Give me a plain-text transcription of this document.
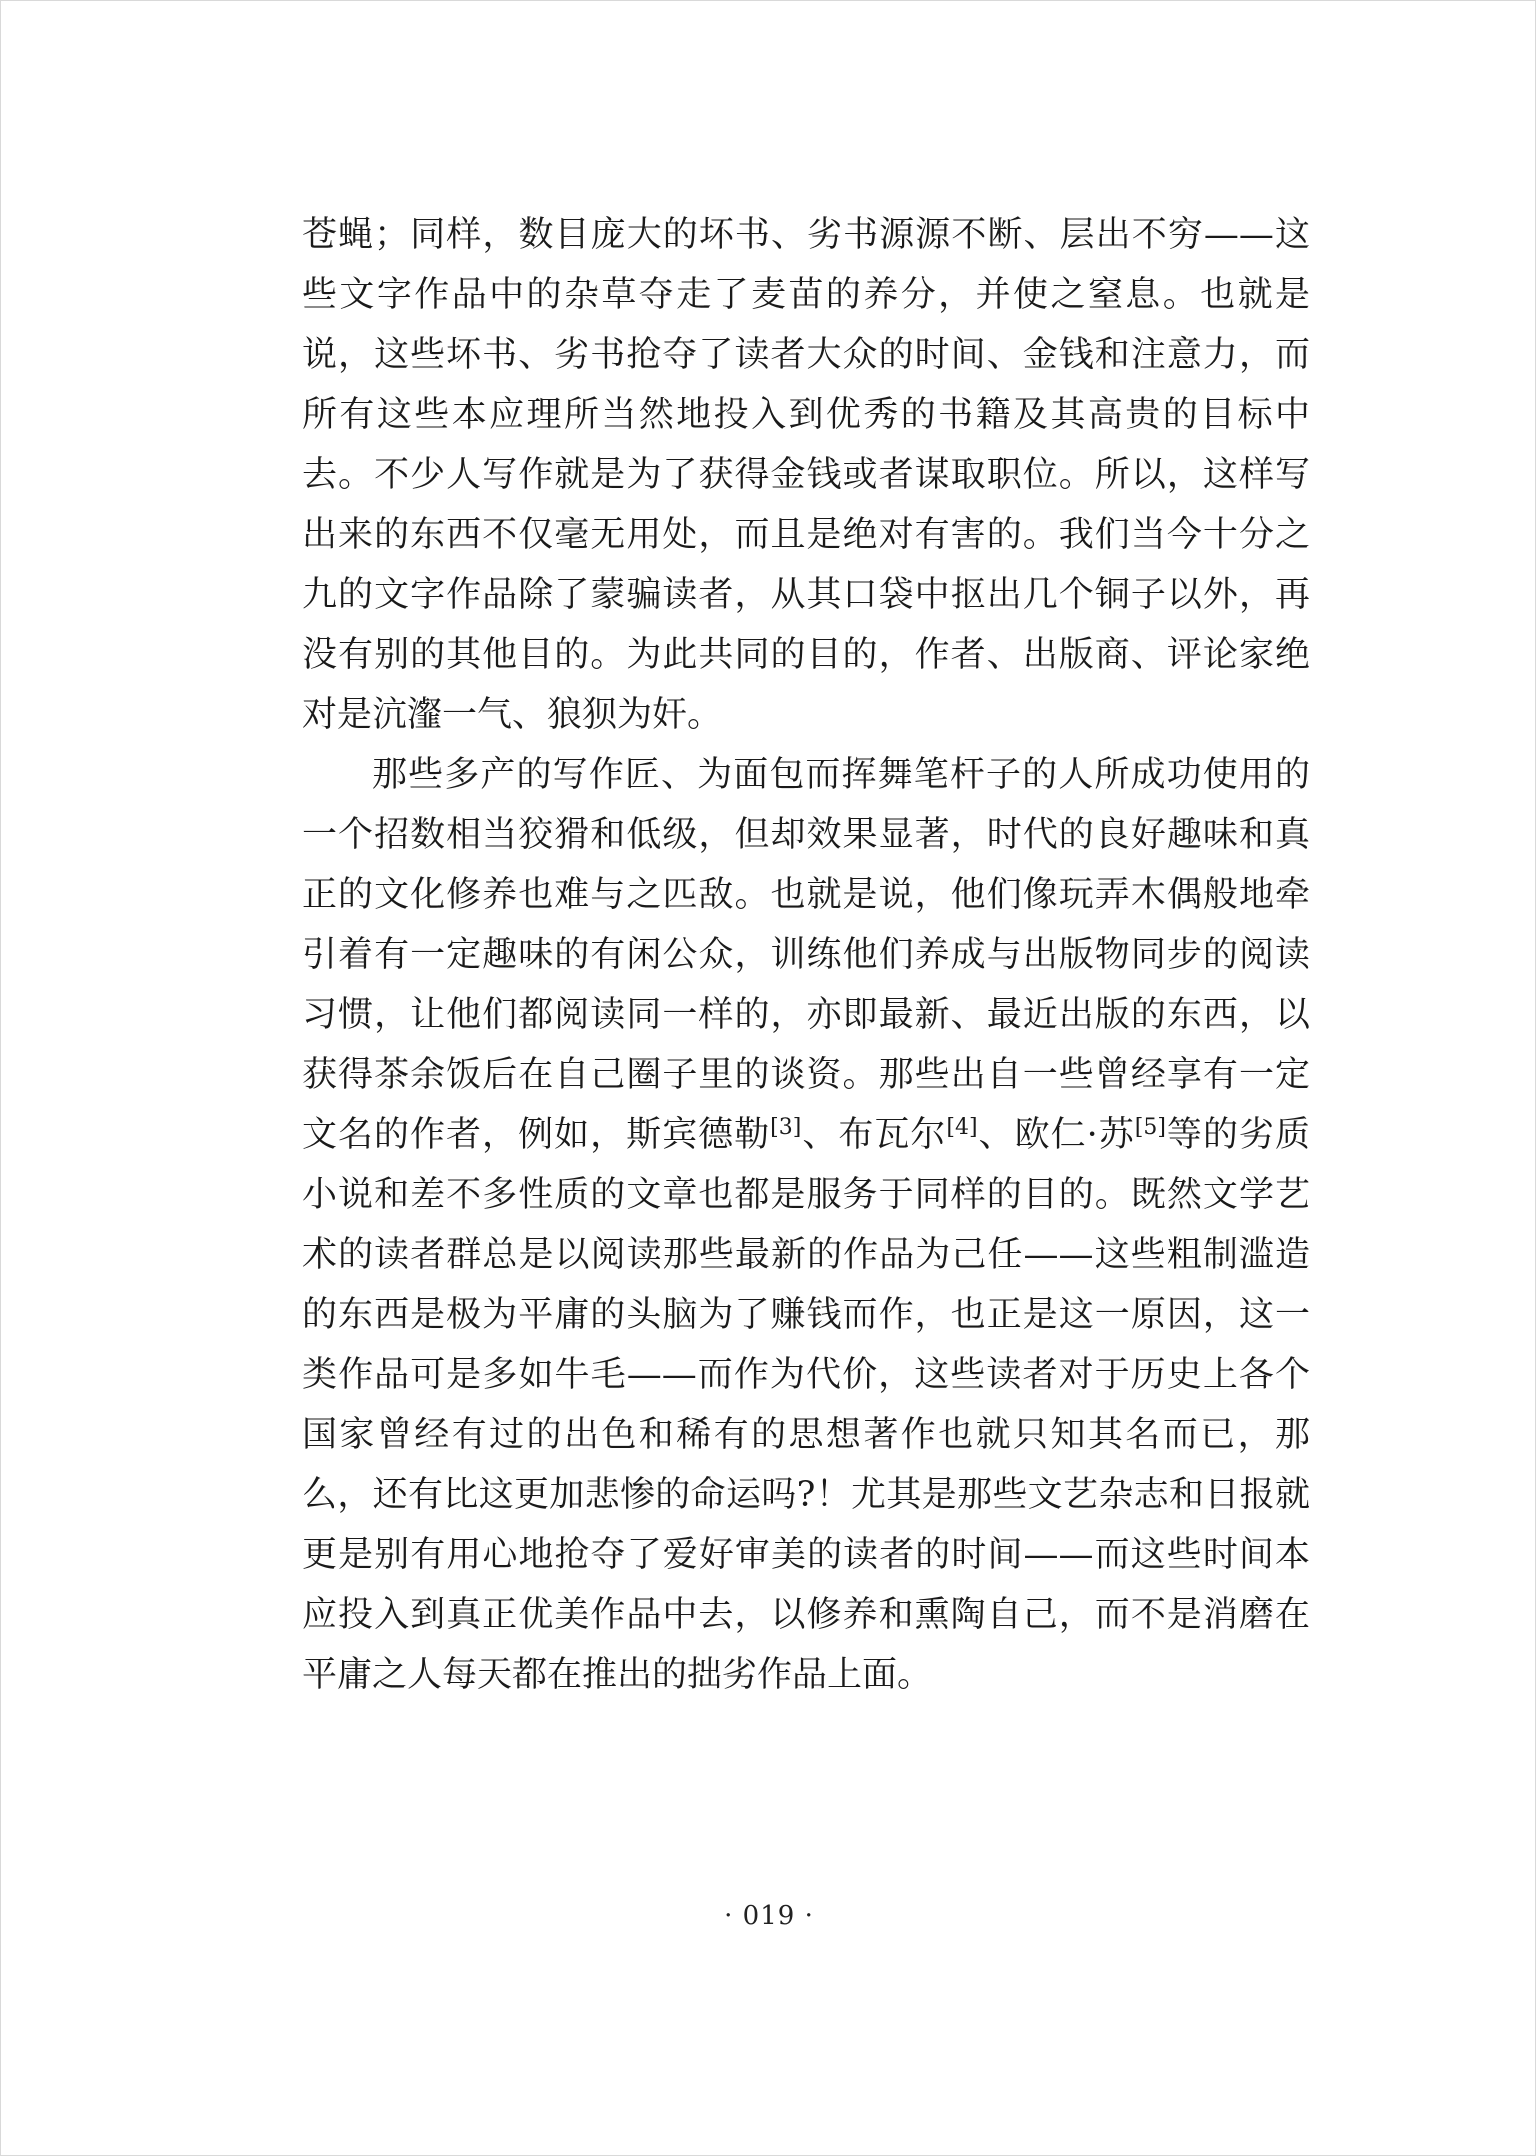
苍蝇；同样，数目庞大的坏书、劣书源源不断、层出不穷——这些文字作品中的杂草夺走了麦苗的养分，并使之窒息。也就是说，这些坏书、劣书抢夺了读者大众的时间、金钱和注意力，而所有这些本应理所当然地投入到优秀的书籍及其高贵的目标中去。不少人写作就是为了获得金钱或者谋取职位。所以，这样写出来的东西不仅毫无用处，而且是绝对有害的。我们当今十分之九的文字作品除了蒙骗读者，从其口袋中抠出几个铜子以外，再没有别的其他目的。为此共同的目的，作者、出版商、评论家绝对是沆瀣一气、狼狈为奸。

那些多产的写作匠、为面包而挥舞笔杆子的人所成功使用的一个招数相当狡猾和低级，但却效果显著，时代的良好趣味和真正的文化修养也难与之匹敌。也就是说，他们像玩弄木偶般地牵引着有一定趣味的有闲公众，训练他们养成与出版物同步的阅读习惯，让他们都阅读同一样的，亦即最新、最近出版的东西，以获得茶余饭后在自己圈子里的谈资。那些出自一些曾经享有一定文名的作者，例如，斯宾德勒[3]、布瓦尔[4]、欧仁·苏[5]等的劣质小说和差不多性质的文章也都是服务于同样的目的。既然文学艺术的读者群总是以阅读那些最新的作品为己任——这些粗制滥造的东西是极为平庸的头脑为了赚钱而作，也正是这一原因，这一类作品可是多如牛毛——而作为代价，这些读者对于历史上各个国家曾经有过的出色和稀有的思想著作也就只知其名而已，那么，还有比这更加悲惨的命运吗?！尤其是那些文艺杂志和日报就更是别有用心地抢夺了爱好审美的读者的时间——而这些时间本应投入到真正优美作品中去，以修养和熏陶自己，而不是消磨在平庸之人每天都在推出的拙劣作品上面。

· 019 ·
